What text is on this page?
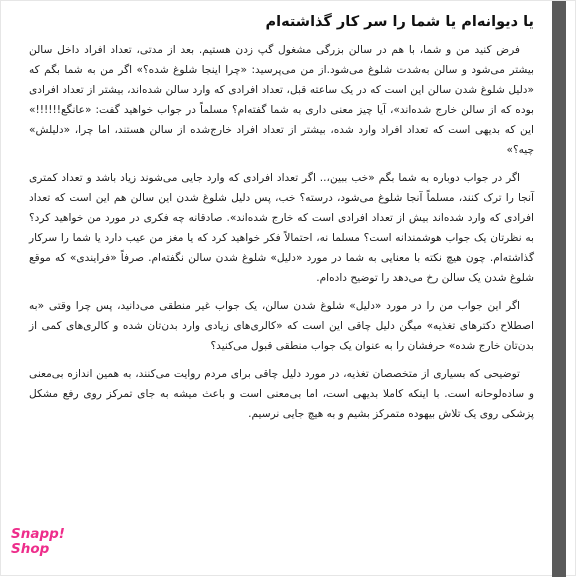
یا دیوانه‌ام یا شما را سر کار گذاشته‌ام

فرض کنید من و شما، با هم در سالن بزرگی مشغول گپ زدن هستیم. بعد از مدتی، تعداد افراد داخل سالن بیشتر می‌شود و سالن به‌شدت شلوغ می‌شود.از من می‌پرسید: «چرا اینجا شلوغ شده؟» اگر من به شما بگم که «دلیل شلوغ شدن سالن این است که در یک ساعته قبل، تعداد افرادی که وارد سالن شده‌اند، بیشتر از تعداد افرادی بوده که از سالن خارج شده‌اند»، آیا چیز معنی داری به شما گفته‌ام؟ مسلماً در جواب خواهید گفت: «عانگع!!!!!!» این که بدیهی است که تعداد افراد وارد شده، بیشتر از تعداد افراد خارج‌شده از سالن هستند، اما چرا، «دلیلش» چیه؟»

اگر در جواب دوباره به شما بگم «خب ببین،.. اگر تعداد افرادی که وارد جایی می‌شوند زیاد باشد و تعداد کمتری آنجا را ترک کنند، مسلماً آنجا شلوغ می‌شود، درسته؟ خب، پس دلیل شلوغ شدن این سالن هم این است که تعداد افرادی که وارد شده‌اند بیش از تعداد افرادی است که خارج شده‌اند». صادقانه چه فکری در مورد من خواهید کرد؟ به نظرتان یک جواب هوشمندانه است؟ مسلما نه، احتمالاً فکر خواهید کرد که یا مغز من عیب دارد یا شما را سرکار گذاشته‌ام. چون هیچ نکته با معنایی به شما در مورد «دلیل» شلوغ شدن سالن نگفته‌ام. صرفاً «فرایندی» که موقع شلوغ شدن یک سالن رخ می‌دهد را توضیح داده‌ام.

اگر این جواب من را در مورد «دلیل» شلوغ شدن سالن، یک جواب غیر منطقی می‌دانید، پس چرا وقتی «به اصطلاح دکترهای تغذیه» میگن دلیل چاقی این است که «کالری‌های زیادی وارد بدن‌تان شده و کالری‌های کمی از بدن‌تان خارج شده» حرفشان را به عنوان یک جواب منطقی قبول می‌کنید؟

توضیحی که بسیاری از متخصصان تغذیه، در مورد دلیل چاقی برای مردم روایت می‌کنند، به همین اندازه بی‌معنی و ساده‌لوحانه است. با اینکه کاملا بدیهی است، اما بی‌معنی است و باعث میشه به جای تمرکز روی رفع مشکل پزشکی روی یک تلاش بیهوده متمرکز بشیم و به هیچ جایی نرسیم.

Snapp!
Shop
